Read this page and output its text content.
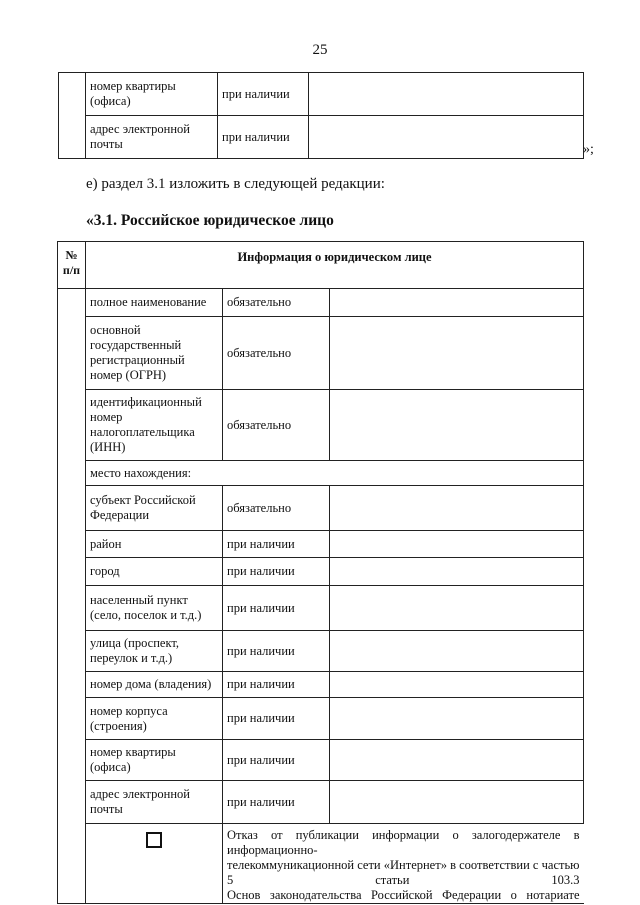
25
	номер квартиры (офиса)	при наличии	
	адрес электронной почты	при наличии	
»;
е) раздел 3.1 изложить в следующей редакции:
«3.1. Российское юридическое лицо
№ п/п	Информация о юридическом лице		
	полное наименование	обязательно	
	основной государственный регистрационный номер (ОГРН)	обязательно	
	идентификационный номер налогоплательщика (ИНН)	обязательно	
	место нахождения:		
	субъект Российской Федерации	обязательно	
	район	при наличии	
	город	при наличии	
	населенный пункт (село, поселок и т.д.)	при наличии	
	улица (проспект, переулок и т.д.)	при наличии	
	номер дома (владения)	при наличии	
	номер корпуса (строения)	при наличии	
	номер квартиры (офиса)	при наличии	
	адрес электронной почты	при наличии	

		Отказ от публикации информации о залогодержателе в информационно-
телекоммуникационной сети «Интернет» в соответствии с частью 5 статьи 103.3
Основ законодательства Российской Федерации о нотариате	
